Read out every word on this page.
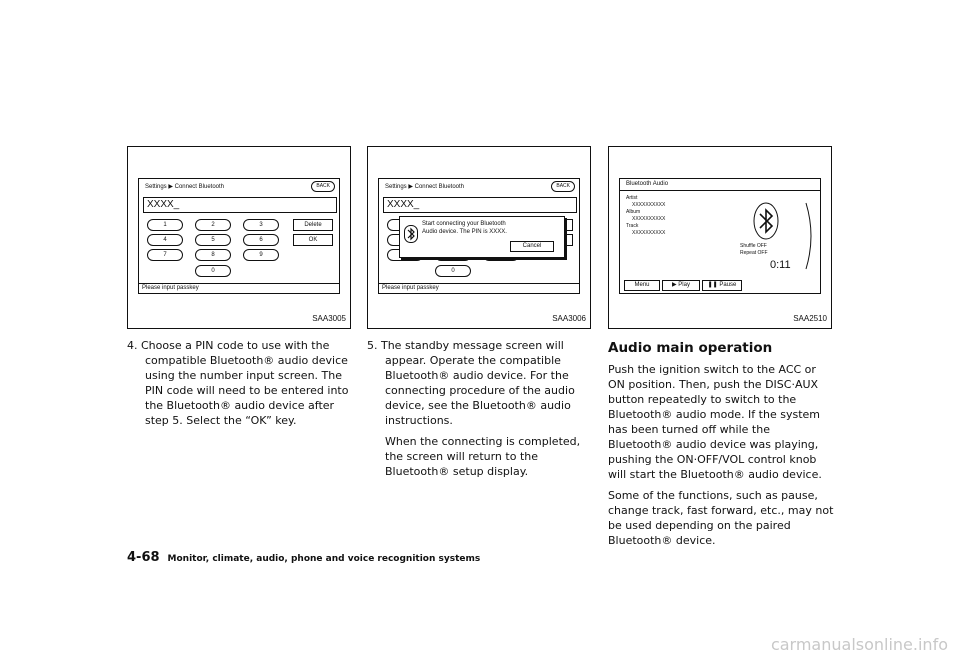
Settings ▶ Connect Bluetooth	BACK
XXXX_
1	2	3
4	5	6
7	8	9
0
Delete
OK
Please input passkey
SAA3005
Settings ▶ Connect Bluetooth	BACK
XXXX_
0
Start connecting your Bluetooth
Audio device. The PIN is XXXX.
Cancel
Please input passkey
SAA3006
Bluetooth Audio
Artist
XXXXXXXXXX
Album
XXXXXXXXXX
Track
XXXXXXXXXX
Shuffle OFF
Repeat OFF
0:11
Menu	▶ Play	❚❚ Pause
SAA2510

4. Choose a PIN code to use with the compatible Bluetooth® audio device using the number input screen. The PIN code will need to be entered into the Bluetooth® audio device after step 5. Select the “OK” key.

5. The standby message screen will appear. Operate the compatible Bluetooth® audio device. For the connecting procedure of the audio device, see the Bluetooth® audio instructions.

When the connecting is completed, the screen will return to the Bluetooth® setup display.

Audio main operation

Push the ignition switch to the ACC or ON position. Then, push the DISC·AUX button repeatedly to switch to the Bluetooth® audio mode. If the system has been turned off while the Bluetooth® audio device was playing, pushing the ON·OFF/VOL control knob will start the Bluetooth® audio device.

Some of the functions, such as pause, change track, fast forward, etc., may not be used depending on the paired Bluetooth® device.

4-68 Monitor, climate, audio, phone and voice recognition systems
carmanualsonline.info
